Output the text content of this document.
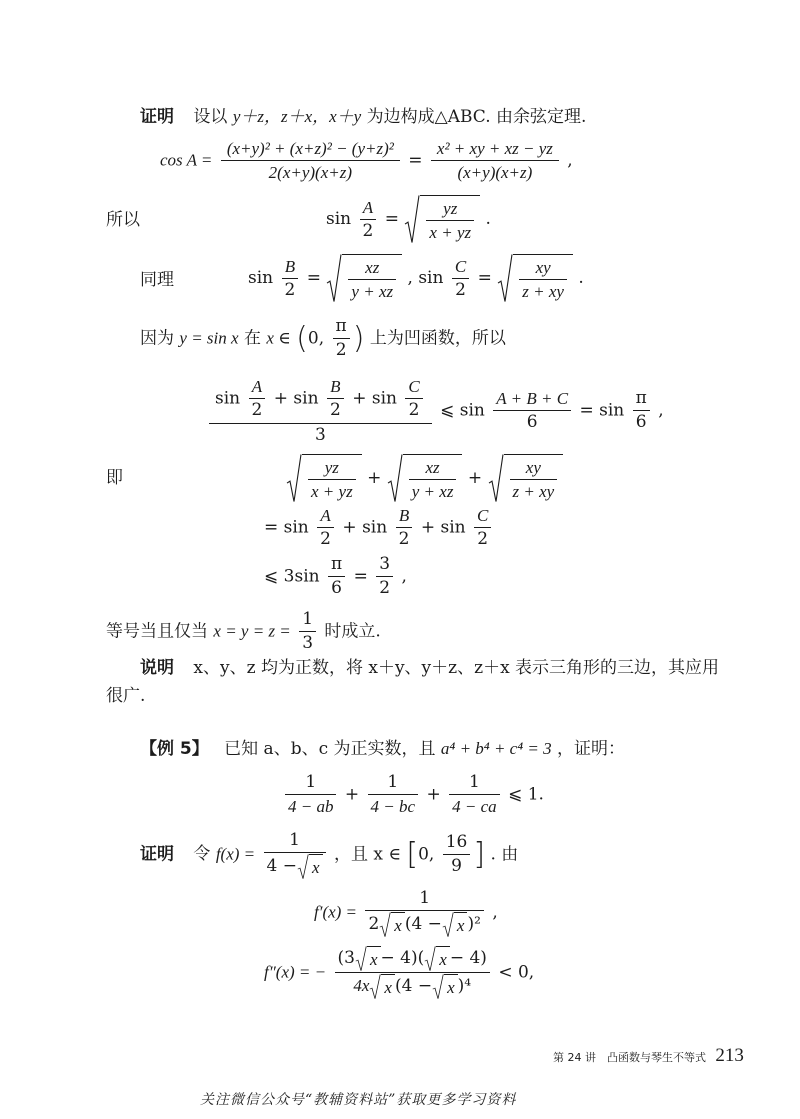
证明 设以 y＋z，z＋x，x＋y 为边构成△ABC. 由余弦定理.
$\cos A = \frac{\text{(x+y)² + (x+z)² − (y+z)²}}{2(x+y)(x+z)} = \frac{\text{x² + xy + xz − yz}}{(x+y)(x+z)}$ ,
所以	$\sin \frac{A}{2} = \frac{yz}{x + yz}$ .
同理	$\sin \frac{B}{2} = \frac{xz}{y + xz}$ , $\sin \frac{C}{2} = \frac{xy}{z + xy}$ .
因为 y = sin x 在 x ∈ (0, $\frac{\pi}{2}$ ) 上为凹函数，所以
$\sin \frac{A}{2} + \sin \frac{B}{2} + \sin \frac{C}{2}$
3
⩽ $\sin \frac{A + B + C}{6} = \sin \frac{\pi}{6}$ ,
即	$\frac{yz}{x + yz} + \frac{xz}{y + xz} + \frac{xy}{z + xy}$
= $\sin \frac{A}{2} + \sin \frac{B}{2} + \sin \frac{C}{2}$
⩽ $3\sin \frac{\pi}{6} = \frac{3}{2}$ ,
等号当且仅当 $x = y = z = \frac{1}{3}$ 时成立.
说明 x、y、z 均为正数，将 x＋y、y＋z、z＋x 表示三角形的三边，其应用
很广.
【例 5】 已知 a、b、c 为正实数，且 a⁴ + b⁴ + c⁴ = 3 ，证明：
$\frac{1}{4 - ab} + \frac{1}{4 - bc} + \frac{1}{4 - ca}$ ⩽ 1.
证明 令 $f(x) = \frac{1}{4 - x}$ ，且 x ∈ [0, $\frac{16}{9}$ ] . 由
$f'(x) = \frac{1}{\text{2 x (4 − x )²}}$ ,
f″(x) = − $\frac{(3 x - 4)( x - 4)}{\text{4x x (4 − x )⁴}} < 0$,
第 24 讲　凸函数与琴生不等式 213
关注微信公众号“教辅资料站”获取更多学习资料
